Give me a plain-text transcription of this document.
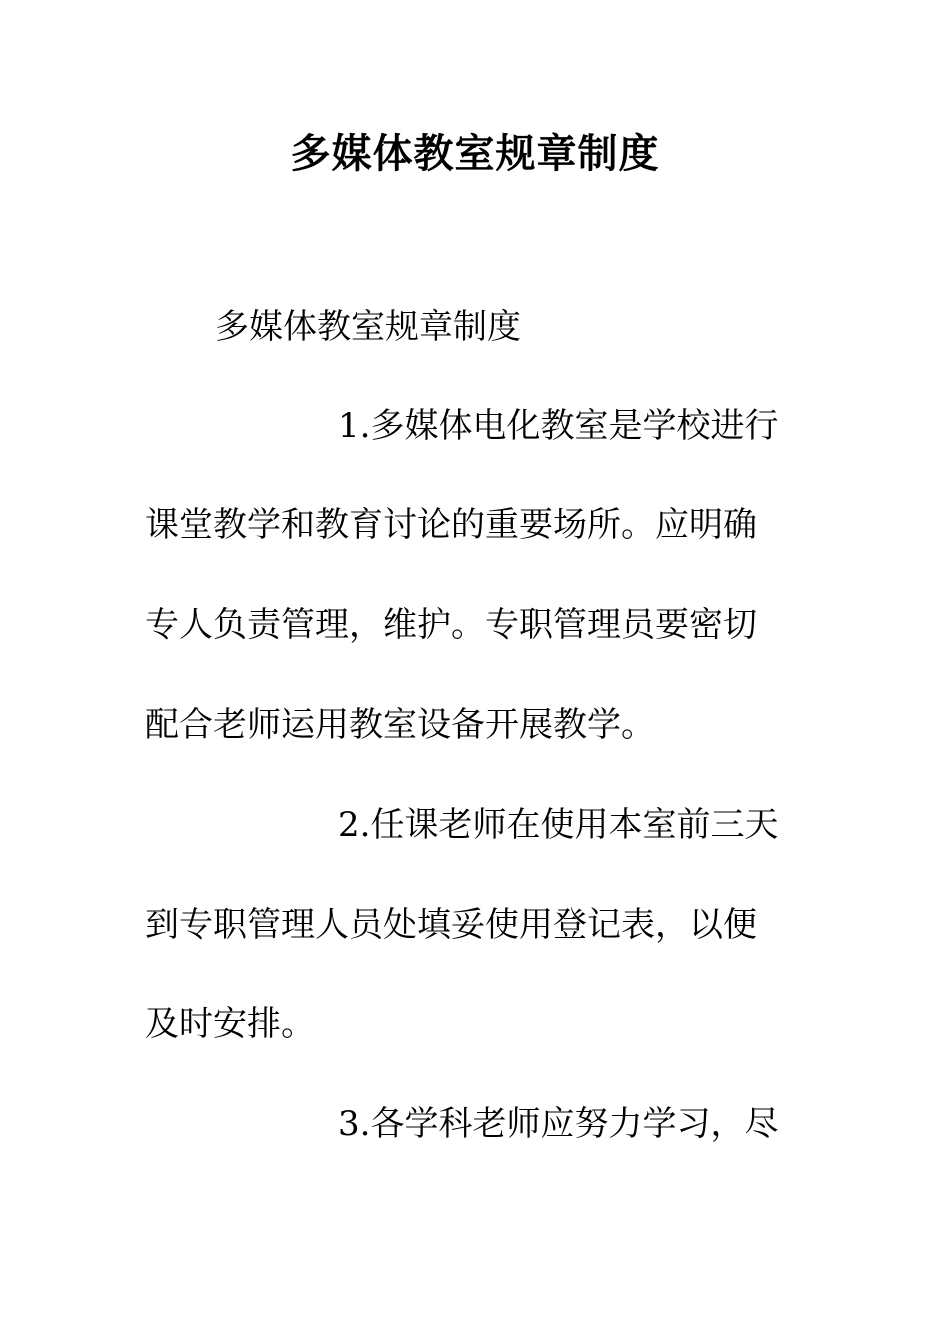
多媒体教室规章制度
多媒体教室规章制度
1.多媒体电化教室是学校进行
课堂教学和教育讨论的重要场所。应明确
专人负责管理，维护。专职管理员要密切
配合老师运用教室设备开展教学。
2.任课老师在使用本室前三天
到专职管理人员处填妥使用登记表，以便
及时安排。
3.各学科老师应努力学习，尽
